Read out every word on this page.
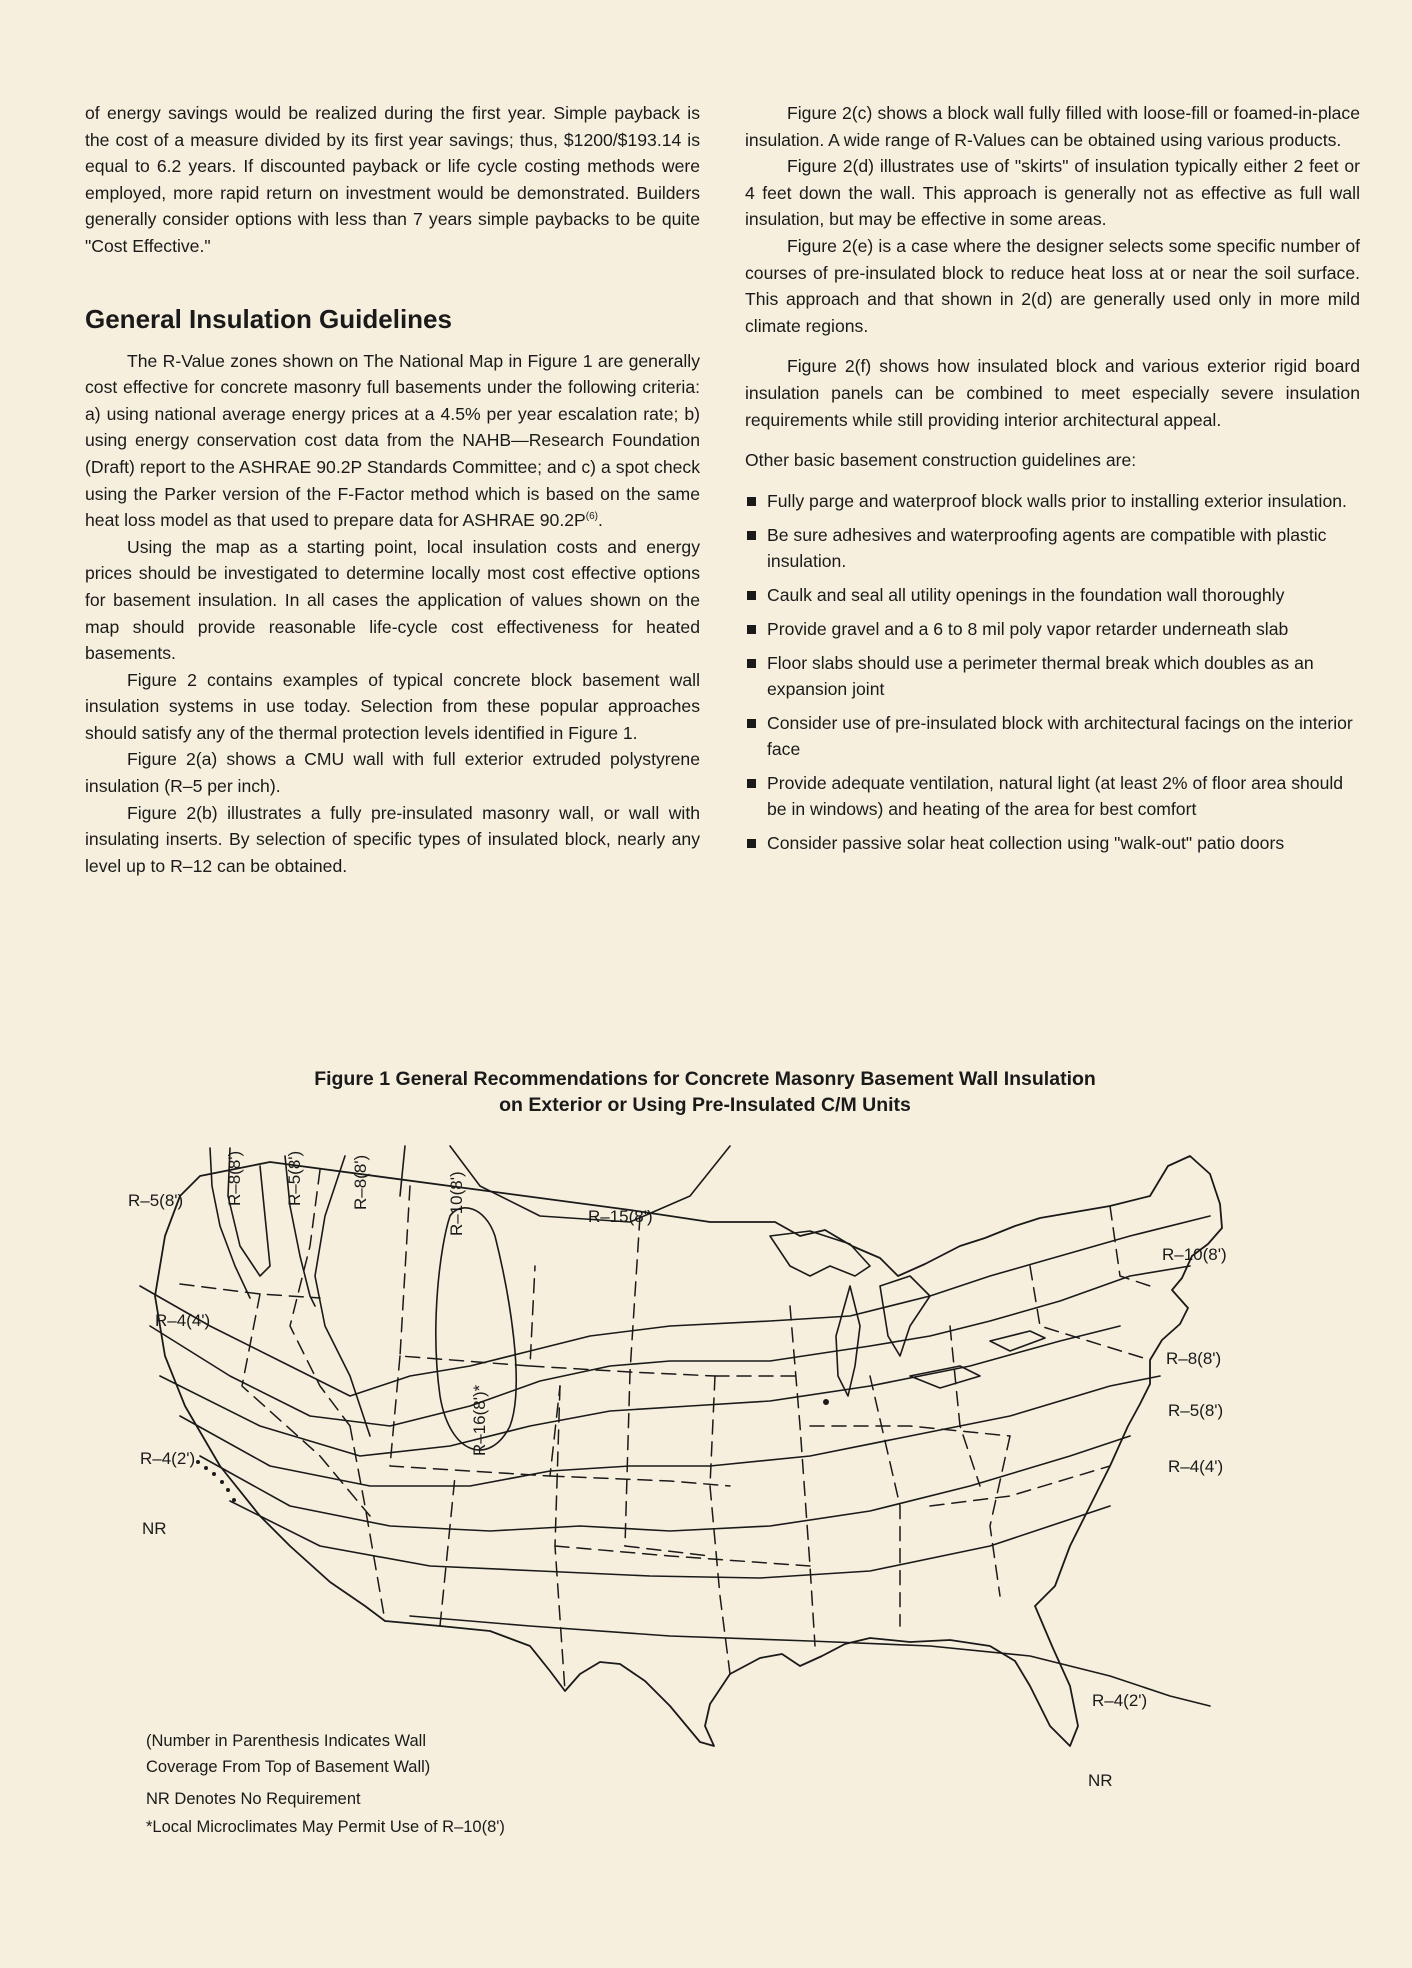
of energy savings would be realized during the first year. Simple payback is the cost of a measure divided by its first year savings; thus, $1200/$193.14 is equal to 6.2 years. If discounted payback or life cycle costing methods were employed, more rapid return on investment would be demonstrated. Builders generally consider options with less than 7 years simple paybacks to be quite "Cost Effective."

General Insulation Guidelines

The R-Value zones shown on The National Map in Figure 1 are generally cost effective for concrete masonry full basements under the following criteria: a) using national average energy prices at a 4.5% per year escalation rate; b) using energy conservation cost data from the NAHB—Research Foundation (Draft) report to the ASHRAE 90.2P Standards Committee; and c) a spot check using the Parker version of the F-Factor method which is based on the same heat loss model as that used to prepare data for ASHRAE $90.2P^{(6)}$.

Using the map as a starting point, local insulation costs and energy prices should be investigated to determine locally most cost effective options for basement insulation. In all cases the application of values shown on the map should provide reasonable life-cycle cost effectiveness for heated basements.

Figure 2 contains examples of typical concrete block basement wall insulation systems in use today. Selection from these popular approaches should satisfy any of the thermal protection levels identified in Figure 1.

Figure 2(a) shows a CMU wall with full exterior extruded polystyrene insulation (R–5 per inch).

Figure 2(b) illustrates a fully pre-insulated masonry wall, or wall with insulating inserts. By selection of specific types of insulated block, nearly any level up to R–12 can be obtained.

Figure 2(c) shows a block wall fully filled with loose-fill or foamed-in-place insulation. A wide range of R-Values can be obtained using various products.

Figure 2(d) illustrates use of "skirts" of insulation typically either 2 feet or 4 feet down the wall. This approach is generally not as effective as full wall insulation, but may be effective in some areas.

Figure 2(e) is a case where the designer selects some specific number of courses of pre-insulated block to reduce heat loss at or near the soil surface. This approach and that shown in 2(d) are generally used only in more mild climate regions.

Figure 2(f) shows how insulated block and various exterior rigid board insulation panels can be combined to meet especially severe insulation requirements while still providing interior architectural appeal.

Other basic basement construction guidelines are:

Fully parge and waterproof block walls prior to installing exterior insulation.
Be sure adhesives and waterproofing agents are compatible with plastic insulation.
Caulk and seal all utility openings in the foundation wall thoroughly
Provide gravel and a 6 to 8 mil poly vapor retarder underneath slab
Floor slabs should use a perimeter thermal break which doubles as an expansion joint
Consider use of pre-insulated block with architectural facings on the interior face
Provide adequate ventilation, natural light (at least 2% of floor area should be in windows) and heating of the area for best comfort
Consider passive solar heat collection using "walk-out" patio doors
Figure 1 General Recommendations for Concrete Masonry Basement Wall Insulation
on Exterior or Using Pre-Insulated C/M Units
R–5(8') R–8(8') R–5(8')	R–8(8')	R–10(8')	R–15(8')
R–10(8')
R–4(4')
R–16(8')*
R–8(8')
R–5(8')
R–4(2')	R–4(4')
NR
R–4(2')
NR
(Number in Parenthesis Indicates Wall
Coverage From Top of Basement Wall)
NR Denotes No Requirement
*Local Microclimates May Permit Use of R–10(8')
